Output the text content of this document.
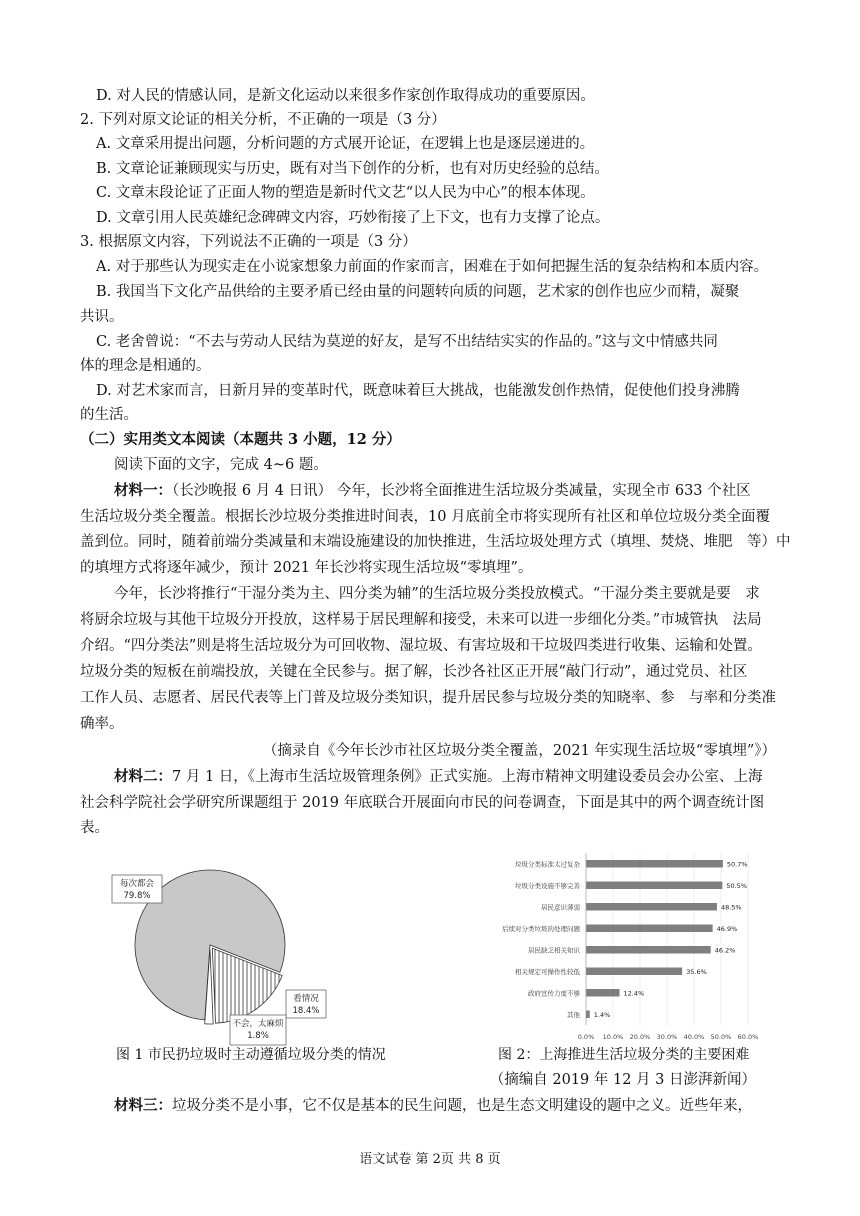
D. 对人民的情感认同，是新文化运动以来很多作家创作取得成功的重要原因。
2. 下列对原文论证的相关分析，不正确的一项是（3 分）
A. 文章采用提出问题，分析问题的方式展开论证，在逻辑上也是逐层递进的。
B. 文章论证兼顾现实与历史，既有对当下创作的分析，也有对历史经验的总结。
C. 文章末段论证了正面人物的塑造是新时代文艺“以人民为中心”的根本体现。
D. 文章引用人民英雄纪念碑碑文内容，巧妙衔接了上下文，也有力支撑了论点。
3. 根据原文内容，下列说法不正确的一项是（3 分）
A. 对于那些认为现实走在小说家想象力前面的作家而言，困难在于如何把握生活的复杂结构和本质内容。
B. 我国当下文化产品供给的主要矛盾已经由量的问题转向质的问题，艺术家的创作也应少而精，凝聚
共识。
C. 老舍曾说：“不去与劳动人民结为莫逆的好友，是写不出结结实实的作品的。”这与文中情感共同
体的理念是相通的。
D. 对艺术家而言，日新月异的变革时代，既意味着巨大挑战，也能激发创作热情，促使他们投身沸腾
的生活。
（二）实用类文本阅读（本题共 3 小题，12 分）
阅读下面的文字，完成 4~6 题。
材料一：（长沙晚报 6 月 4 日讯） 今年，长沙将全面推进生活垃圾分类减量，实现全市 633 个社区
生活垃圾分类全覆盖。根据长沙垃圾分类推进时间表，10 月底前全市将实现所有社区和单位垃圾分类全面覆
盖到位。同时，随着前端分类减量和末端设施建设的加快推进，生活垃圾处理方式（填埋、焚烧、堆肥　等）中
的填埋方式将逐年减少，预计 2021 年长沙将实现生活垃圾“零填埋”。
今年，长沙将推行“干湿分类为主、四分类为辅”的生活垃圾分类投放模式。“干湿分类主要就是要　求
将厨余垃圾与其他干垃圾分开投放，这样易于居民理解和接受，未来可以进一步细化分类。”市城管执　法局
介绍。“四分类法”则是将生活垃圾分为可回收物、湿垃圾、有害垃圾和干垃圾四类进行收集、运输和处置。
垃圾分类的短板在前端投放，关键在全民参与。据了解，长沙各社区正开展“敲门行动”，通过党员、社区
工作人员、志愿者、居民代表等上门普及垃圾分类知识，提升居民参与垃圾分类的知晓率、参　与率和分类准
确率。
（摘录自《今年长沙市社区垃圾分类全覆盖，2021 年实现生活垃圾“零填埋”》）
材料二：7 月 1 日，《上海市生活垃圾管理条例》正式实施。上海市精神文明建设委员会办公室、上海
社会科学院社会学研究所课题组于 2019 年底联合开展面向市民的问卷调查，下面是其中的两个调查统计图
表。
每次都会
79.8%
看情况
18.4%
不会，太麻烦
1.8%	0.0% 10.0% 20.0% 30.0% 40.0% 50.0% 60.0%
垃圾分类标准太过复杂	50.7%
垃圾分类设施不够完善	50.5%
居民意识薄弱	48.5%
后续对分类垃圾的处理问题	46.9%
居民缺乏相关知识	46.2%
相关规定可操作性较低	35.6%
政府宣传力度不够	12.4%
其他 1.4%
图 1 市民扔垃圾时主动遵循垃圾分类的情况	图 2：上海推进生活垃圾分类的主要困难
（摘编自 2019 年 12 月 3 日澎湃新闻）
材料三：垃圾分类不是小事，它不仅是基本的民生问题，也是生态文明建设的题中之义。近些年来，
语文试卷 第 2页 共 8 页
